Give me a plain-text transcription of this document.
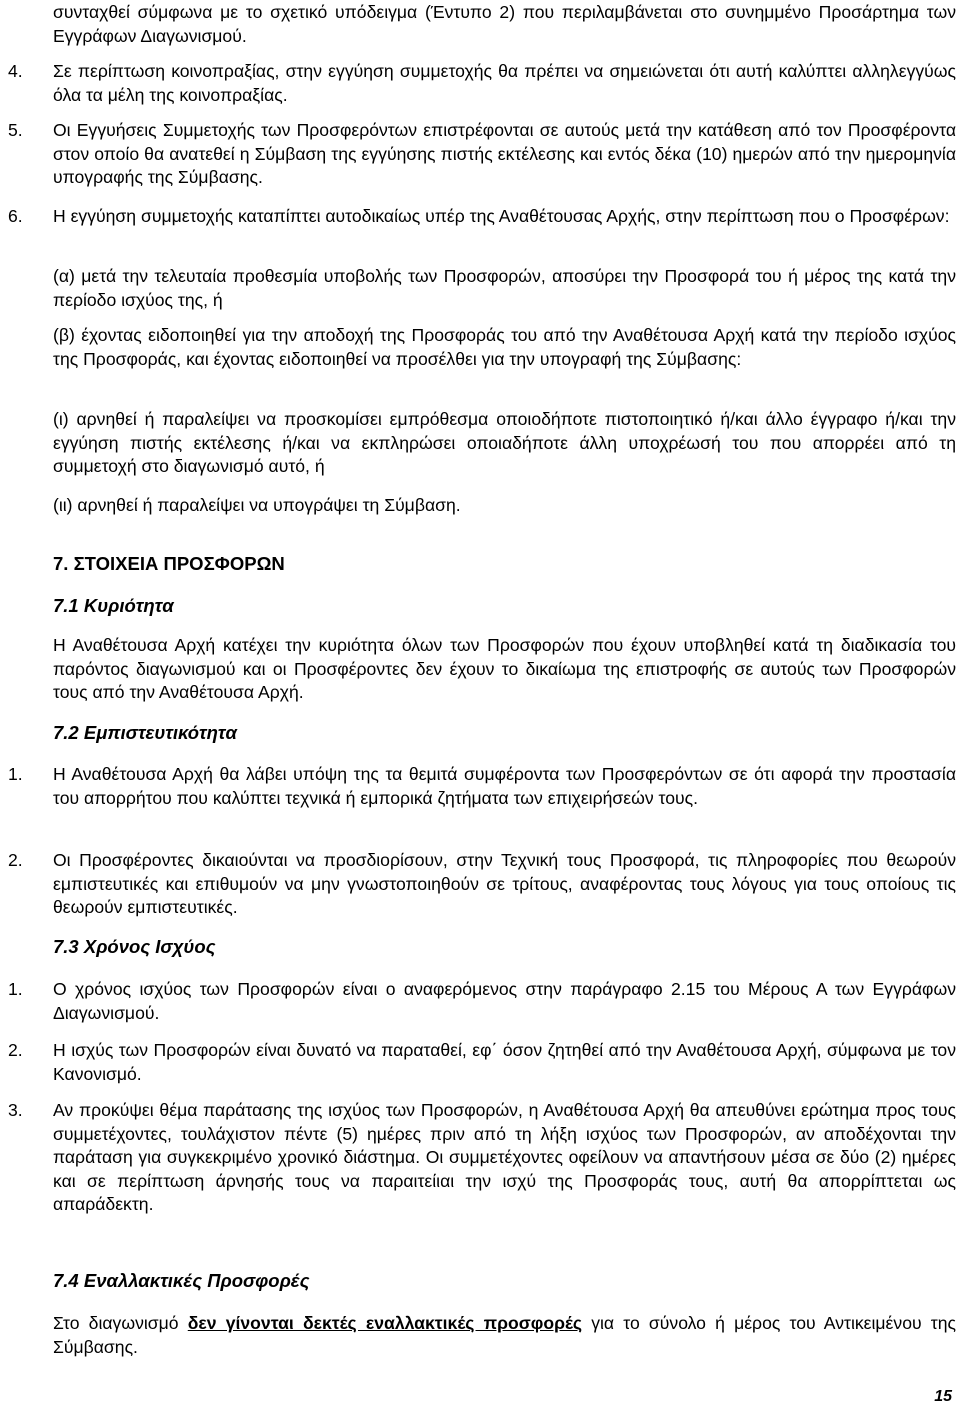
συνταχθεί σύμφωνα με το σχετικό υπόδειγμα (Έντυπο 2) που περιλαμβάνεται στο συνημμένο Προσάρτημα των Εγγράφων Διαγωνισμού.

4. Σε περίπτωση κοινοπραξίας, στην εγγύηση συμμετοχής θα πρέπει να σημειώνεται ότι αυτή καλύπτει αλληλεγγύως όλα τα μέλη της κοινοπραξίας.

5. Οι Εγγυήσεις Συμμετοχής των Προσφερόντων επιστρέφονται σε αυτούς μετά την κατάθεση από τον Προσφέροντα στον οποίο θα ανατεθεί η Σύμβαση της εγγύησης πιστής εκτέλεσης και εντός δέκα (10) ημερών από την ημερομηνία υπογραφής της Σύμβασης.

6. Η εγγύηση συμμετοχής καταπίπτει αυτοδικαίως υπέρ της Αναθέτουσας Αρχής, στην περίπτωση που ο Προσφέρων:

(α) μετά την τελευταία προθεσμία υποβολής των Προσφορών, αποσύρει την Προσφορά του ή μέρος της κατά την περίοδο ισχύος της, ή

(β) έχοντας ειδοποιηθεί για την αποδοχή της Προσφοράς του από την Αναθέτουσα Αρχή κατά την περίοδο ισχύος της Προσφοράς, και έχοντας ειδοποιηθεί να προσέλθει για την υπογραφή της Σύμβασης:

(ι) αρνηθεί ή παραλείψει να προσκομίσει εμπρόθεσμα οποιοδήποτε πιστοποιητικό ή/και άλλο έγγραφο ή/και την εγγύηση πιστής εκτέλεσης ή/και να εκπληρώσει οποιαδήποτε άλλη υποχρέωσή του που απορρέει από τη συμμετοχή στο διαγωνισμό αυτό, ή

(ιι) αρνηθεί ή παραλείψει να υπογράψει τη Σύμβαση.

7. ΣΤΟΙΧΕΙΑ ΠΡΟΣΦΟΡΩΝ

7.1 Κυριότητα

Η Αναθέτουσα Αρχή κατέχει την κυριότητα όλων των Προσφορών που έχουν υποβληθεί κατά τη διαδικασία του παρόντος διαγωνισμού και οι Προσφέροντες δεν έχουν το δικαίωμα της επιστροφής σε αυτούς των Προσφορών τους από την Αναθέτουσα Αρχή.

7.2 Εμπιστευτικότητα

1. Η Αναθέτουσα Αρχή θα λάβει υπόψη της τα θεμιτά συμφέροντα των Προσφερόντων σε ότι αφορά την προστασία του απορρήτου που καλύπτει τεχνικά ή εμπορικά ζητήματα των επιχειρήσεών τους.

2. Οι Προσφέροντες δικαιούνται να προσδιορίσουν, στην Τεχνική τους Προσφορά, τις πληροφορίες που θεωρούν εμπιστευτικές και επιθυμούν να μην γνωστοποιηθούν σε τρίτους, αναφέροντας τους λόγους για τους οποίους τις θεωρούν εμπιστευτικές.

7.3 Χρόνος Ισχύος

1. Ο χρόνος ισχύος των Προσφορών είναι ο αναφερόμενος στην παράγραφο 2.15 του Μέρους Α των Εγγράφων Διαγωνισμού.

2. Η ισχύς των Προσφορών είναι δυνατό να παραταθεί, εφ΄ όσον ζητηθεί από την Αναθέτουσα Αρχή, σύμφωνα με τον Κανονισμό.

3. Αν προκύψει θέμα παράτασης της ισχύος των Προσφορών, η Αναθέτουσα Αρχή θα απευθύνει ερώτημα προς τους συμμετέχοντες, τουλάχιστον πέντε (5) ημέρες πριν από τη λήξη ισχύος των Προσφορών, αν αποδέχονται την παράταση για συγκεκριμένο χρονικό διάστημα. Οι συμμετέχοντες οφείλουν να απαντήσουν μέσα σε δύο (2) ημέρες και σε περίπτωση άρνησής τους να παραιτείιαι την ισχύ της Προσφοράς τους, αυτή θα απορρίπτεται ως απαράδεκτη.

7.4 Εναλλακτικές Προσφορές

Στο διαγωνισμό δεν γίνονται δεκτές εναλλακτικές προσφορές για το σύνολο ή μέρος του Αντικειμένου της Σύμβασης.

15
